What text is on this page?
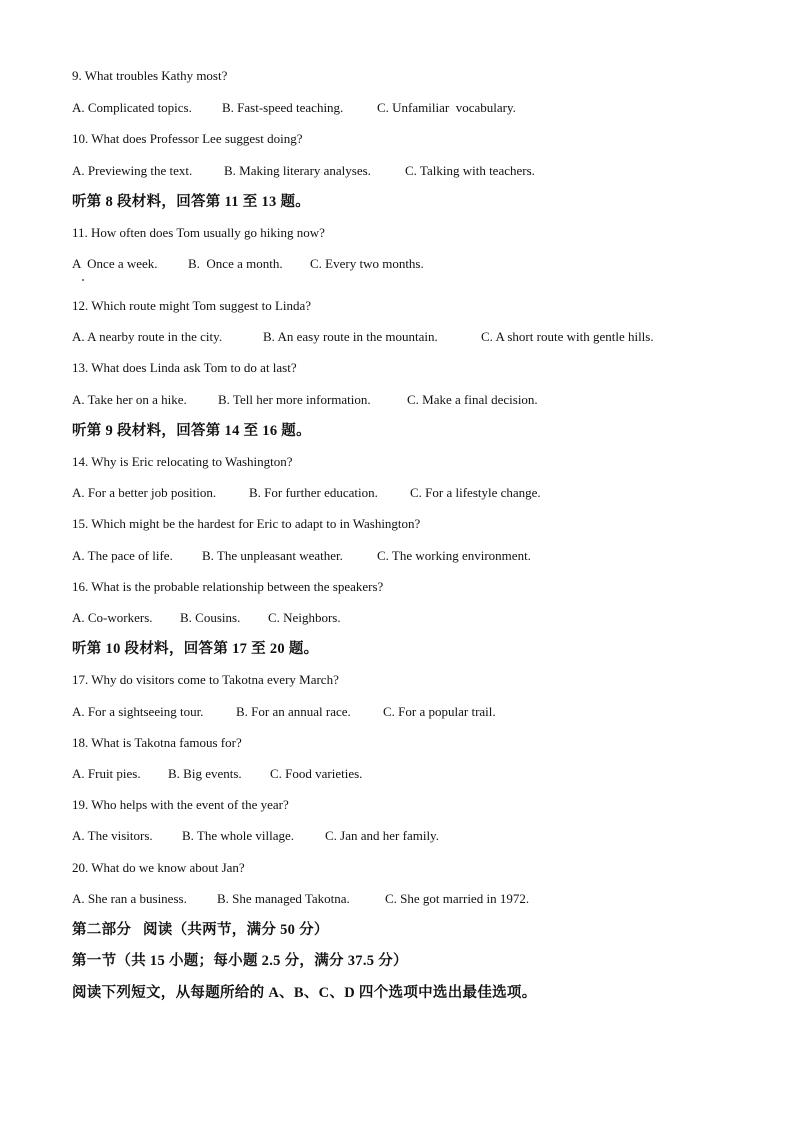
9. What troubles Kathy most?

A. Complicated topics.

B. Fast-speed teaching.

	C. Unfamiliar  vocabulary.

10. What does Professor Lee suggest doing?

A. Previewing the text.

B. Making literary analyses.

	C. Talking with teachers.

听第 8 段材料，回答第 11 至 13 题。
11. How often does Tom usually go hiking now?

A  Once a week.

B.  Once a month.

C. Every two months.

12. Which route might Tom suggest to Linda?

A. A nearby route in the city.

	B. An easy route in the mountain.

	C. A short route with gentle hills.

13. What does Linda ask Tom to do at last?

A. Take her on a hike.

B. Tell her more information.

	C. Make a final decision.

听第 9 段材料，回答第 14 至 16 题。
14. Why is Eric relocating to Washington?

A. For a better job position.

	B. For further education.

C. For a lifestyle change.

15. Which might be the hardest for Eric to adapt to in Washington?

A. The pace of life.

B. The unpleasant weather.

	C. The working environment.

16. What is the probable relationship between the speakers?

A. Co-workers.

B. Cousins.

C. Neighbors.

听第 10 段材料，回答第 17 至 20 题。
17. Why do visitors come to Takotna every March?

A. For a sightseeing tour.

	B. For an annual race.

C. For a popular trail.

18. What is Takotna famous for?

A. Fruit pies.

B. Big events.

C. Food varieties.

19. Who helps with the event of the year?

A. The visitors.

B. The whole village.

C. Jan and her family.

20. What do we know about Jan?

A. She ran a business.

B. She managed Takotna.

	C. She got married in 1972.

第二部分   阅读（共两节，满分 50 分）
第一节（共 15 小题；每小题 2.5 分，满分 37.5 分）
阅读下列短文，从每题所给的 A、B、C、D 四个选项中选出最佳选项。
